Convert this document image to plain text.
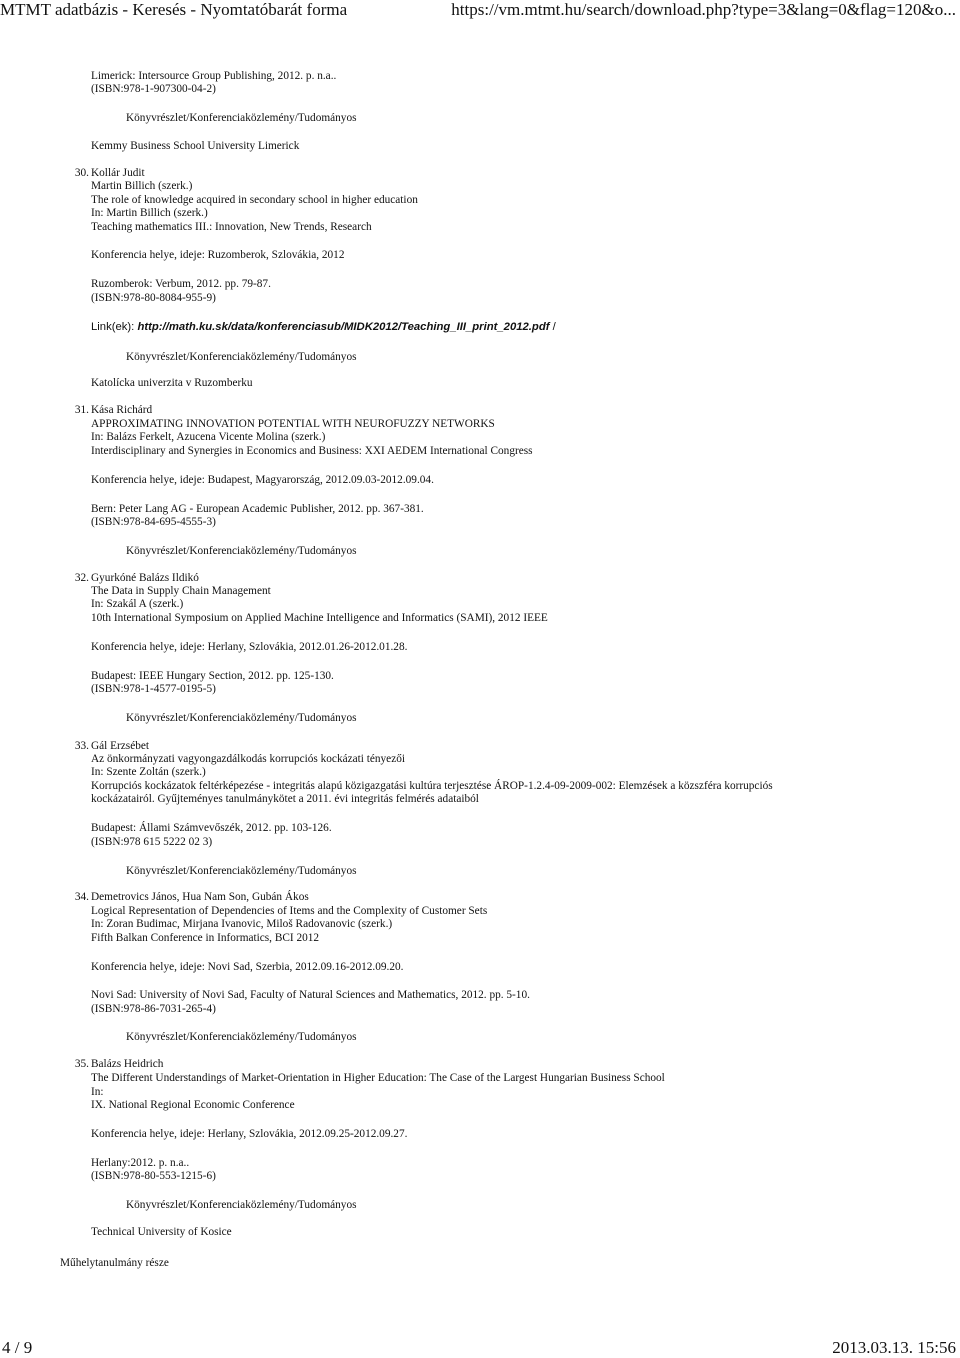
MTMT adatbázis - Keresés - Nyomtatóbarát forma	https://vm.mtmt.hu/search/download.php?type=3&lang=0&flag=120&o...
Limerick: Intersource Group Publishing, 2012. p. n.a..
(ISBN:978-1-907300-04-2)
Könyvrészlet/Konferenciaközlemény/Tudományos
Kemmy Business School University Limerick
30. Kollár Judit
Martin Billich (szerk.)
The role of knowledge acquired in secondary school in higher education
In: Martin Billich (szerk.)
Teaching mathematics III.: Innovation, New Trends, Research
Konferencia helye, ideje: Ruzomberok, Szlovákia, 2012
Ruzomberok: Verbum, 2012. pp. 79-87.
(ISBN:978-80-8084-955-9)
Link(ek): http://math.ku.sk/data/konferenciasub/MIDK2012/Teaching_III_print_2012.pdf /
Könyvrészlet/Konferenciaközlemény/Tudományos
Katolícka univerzita v Ruzomberku
31. Kása Richárd
APPROXIMATING INNOVATION POTENTIAL WITH NEUROFUZZY NETWORKS
In: Balázs Ferkelt, Azucena Vicente Molina (szerk.)
Interdisciplinary and Synergies in Economics and Business: XXI AEDEM International Congress
Konferencia helye, ideje: Budapest, Magyarország, 2012.09.03-2012.09.04.
Bern: Peter Lang AG - European Academic Publisher, 2012. pp. 367-381.
(ISBN:978-84-695-4555-3)
Könyvrészlet/Konferenciaközlemény/Tudományos
32. Gyurkóné Balázs Ildikó
The Data in Supply Chain Management
In: Szakál A (szerk.)
10th International Symposium on Applied Machine Intelligence and Informatics (SAMI), 2012 IEEE
Konferencia helye, ideje: Herlany, Szlovákia, 2012.01.26-2012.01.28.
Budapest: IEEE Hungary Section, 2012. pp. 125-130.
(ISBN:978-1-4577-0195-5)
Könyvrészlet/Konferenciaközlemény/Tudományos
33. Gál Erzsébet
Az önkormányzati vagyongazdálkodás korrupciós kockázati tényezői
In: Szente Zoltán (szerk.)
Korrupciós kockázatok feltérképezése - integritás alapú közigazgatási kultúra terjesztése ÁROP-1.2.4-09-2009-002: Elemzések a közszféra korrupciós
kockázatairól. Gyűjteményes tanulmánykötet a 2011. évi integritás felmérés adataiból
Budapest: Állami Számvevőszék, 2012. pp. 103-126.
(ISBN:978 615 5222 02 3)
Könyvrészlet/Konferenciaközlemény/Tudományos
34. Demetrovics János, Hua Nam Son, Gubán Ákos
Logical Representation of Dependencies of Items and the Complexity of Customer Sets
In: Zoran Budimac, Mirjana Ivanovic, Miloš Radovanovic (szerk.)
Fifth Balkan Conference in Informatics, BCI 2012
Konferencia helye, ideje: Novi Sad, Szerbia, 2012.09.16-2012.09.20.
Novi Sad: University of Novi Sad, Faculty of Natural Sciences and Mathematics, 2012. pp. 5-10.
(ISBN:978-86-7031-265-4)
Könyvrészlet/Konferenciaközlemény/Tudományos
35. Balázs Heidrich
The Different Understandings of Market-Orientation in Higher Education: The Case of the Largest Hungarian Business School
In:
IX. National Regional Economic Conference
Konferencia helye, ideje: Herlany, Szlovákia, 2012.09.25-2012.09.27.
Herlany:2012. p. n.a..
(ISBN:978-80-553-1215-6)
Könyvrészlet/Konferenciaközlemény/Tudományos
Technical University of Kosice
Műhelytanulmány része
4 / 9	2013.03.13. 15:56
